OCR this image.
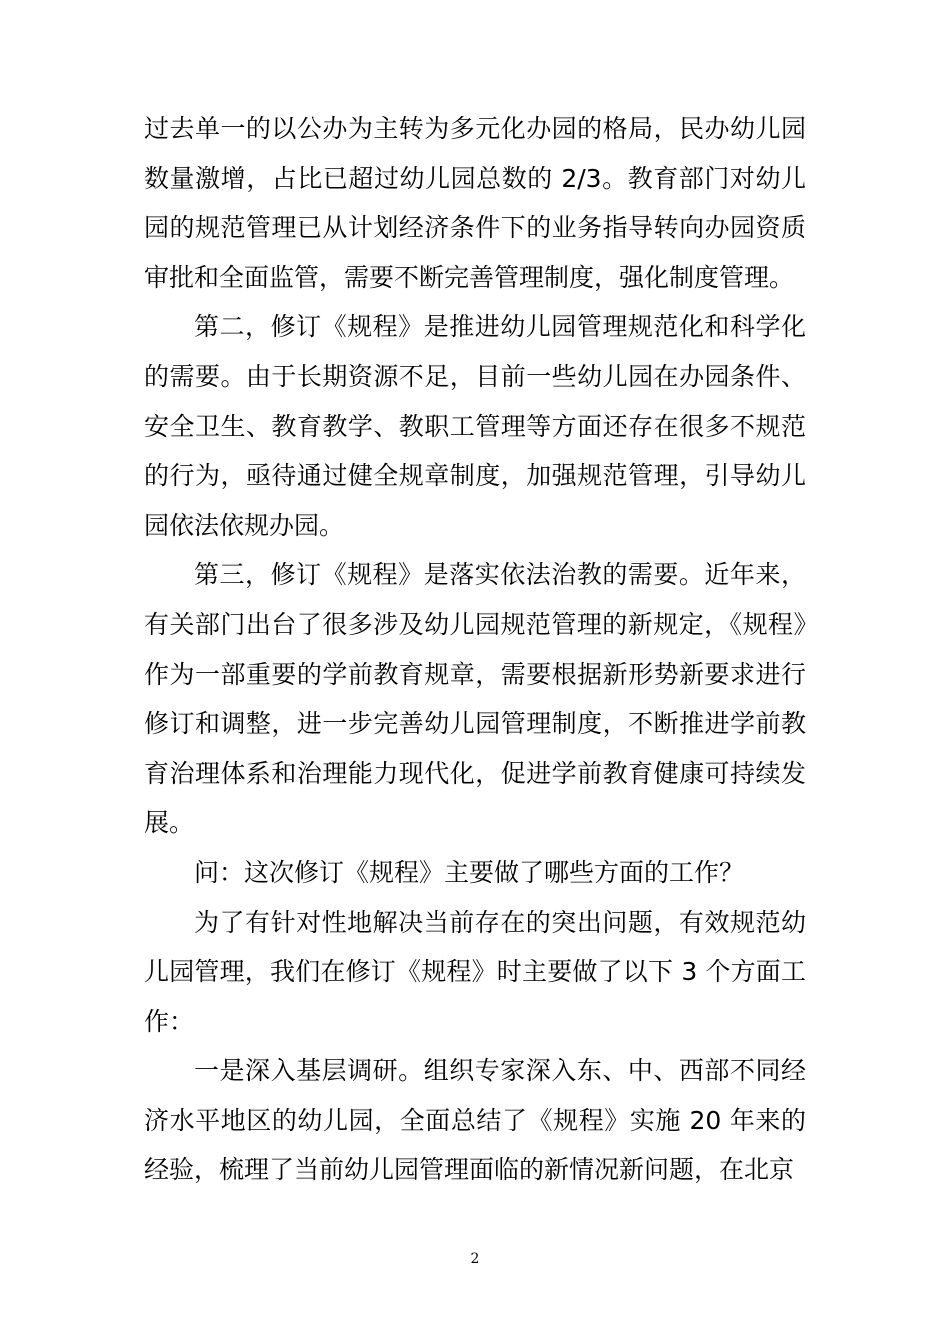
过去单一的以公办为主转为多元化办园的格局，民办幼儿园数量激增，占比已超过幼儿园总数的 2/3。教育部门对幼儿园的规范管理已从计划经济条件下的业务指导转向办园资质审批和全面监管，需要不断完善管理制度，强化制度管理。

第二，修订《规程》是推进幼儿园管理规范化和科学化的需要。由于长期资源不足，目前一些幼儿园在办园条件、安全卫生、教育教学、教职工管理等方面还存在很多不规范的行为，亟待通过健全规章制度，加强规范管理，引导幼儿园依法依规办园。

第三，修订《规程》是落实依法治教的需要。近年来，有关部门出台了很多涉及幼儿园规范管理的新规定，《规程》作为一部重要的学前教育规章，需要根据新形势新要求进行修订和调整，进一步完善幼儿园管理制度，不断推进学前教育治理体系和治理能力现代化，促进学前教育健康可持续发展。

问：这次修订《规程》主要做了哪些方面的工作？

为了有针对性地解决当前存在的突出问题，有效规范幼儿园管理，我们在修订《规程》时主要做了以下 3 个方面工作：

一是深入基层调研。组织专家深入东、中、西部不同经济水平地区的幼儿园，全面总结了《规程》实施 20 年来的经验，梳理了当前幼儿园管理面临的新情况新问题，在北京

2
